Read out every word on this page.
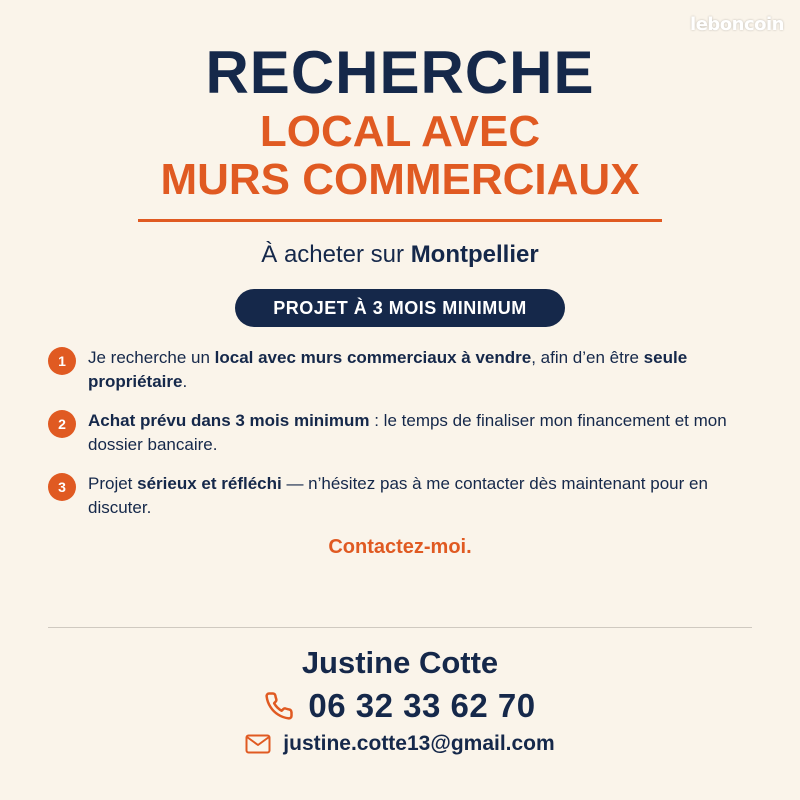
leboncoin
RECHERCHE
LOCAL AVEC
MURS COMMERCIAUX
À acheter sur Montpellier
PROJET À 3 MOIS MINIMUM
1	Je recherche un local avec murs commerciaux à vendre, afin d’en être seule propriétaire.
2	Achat prévu dans 3 mois minimum : le temps de finaliser mon financement et mon dossier bancaire.
3	Projet sérieux et réfléchi — n’hésitez pas à me contacter dès maintenant pour en discuter.
Contactez-moi.
Justine Cotte
06 32 33 62 70
justine.cotte13@gmail.com
